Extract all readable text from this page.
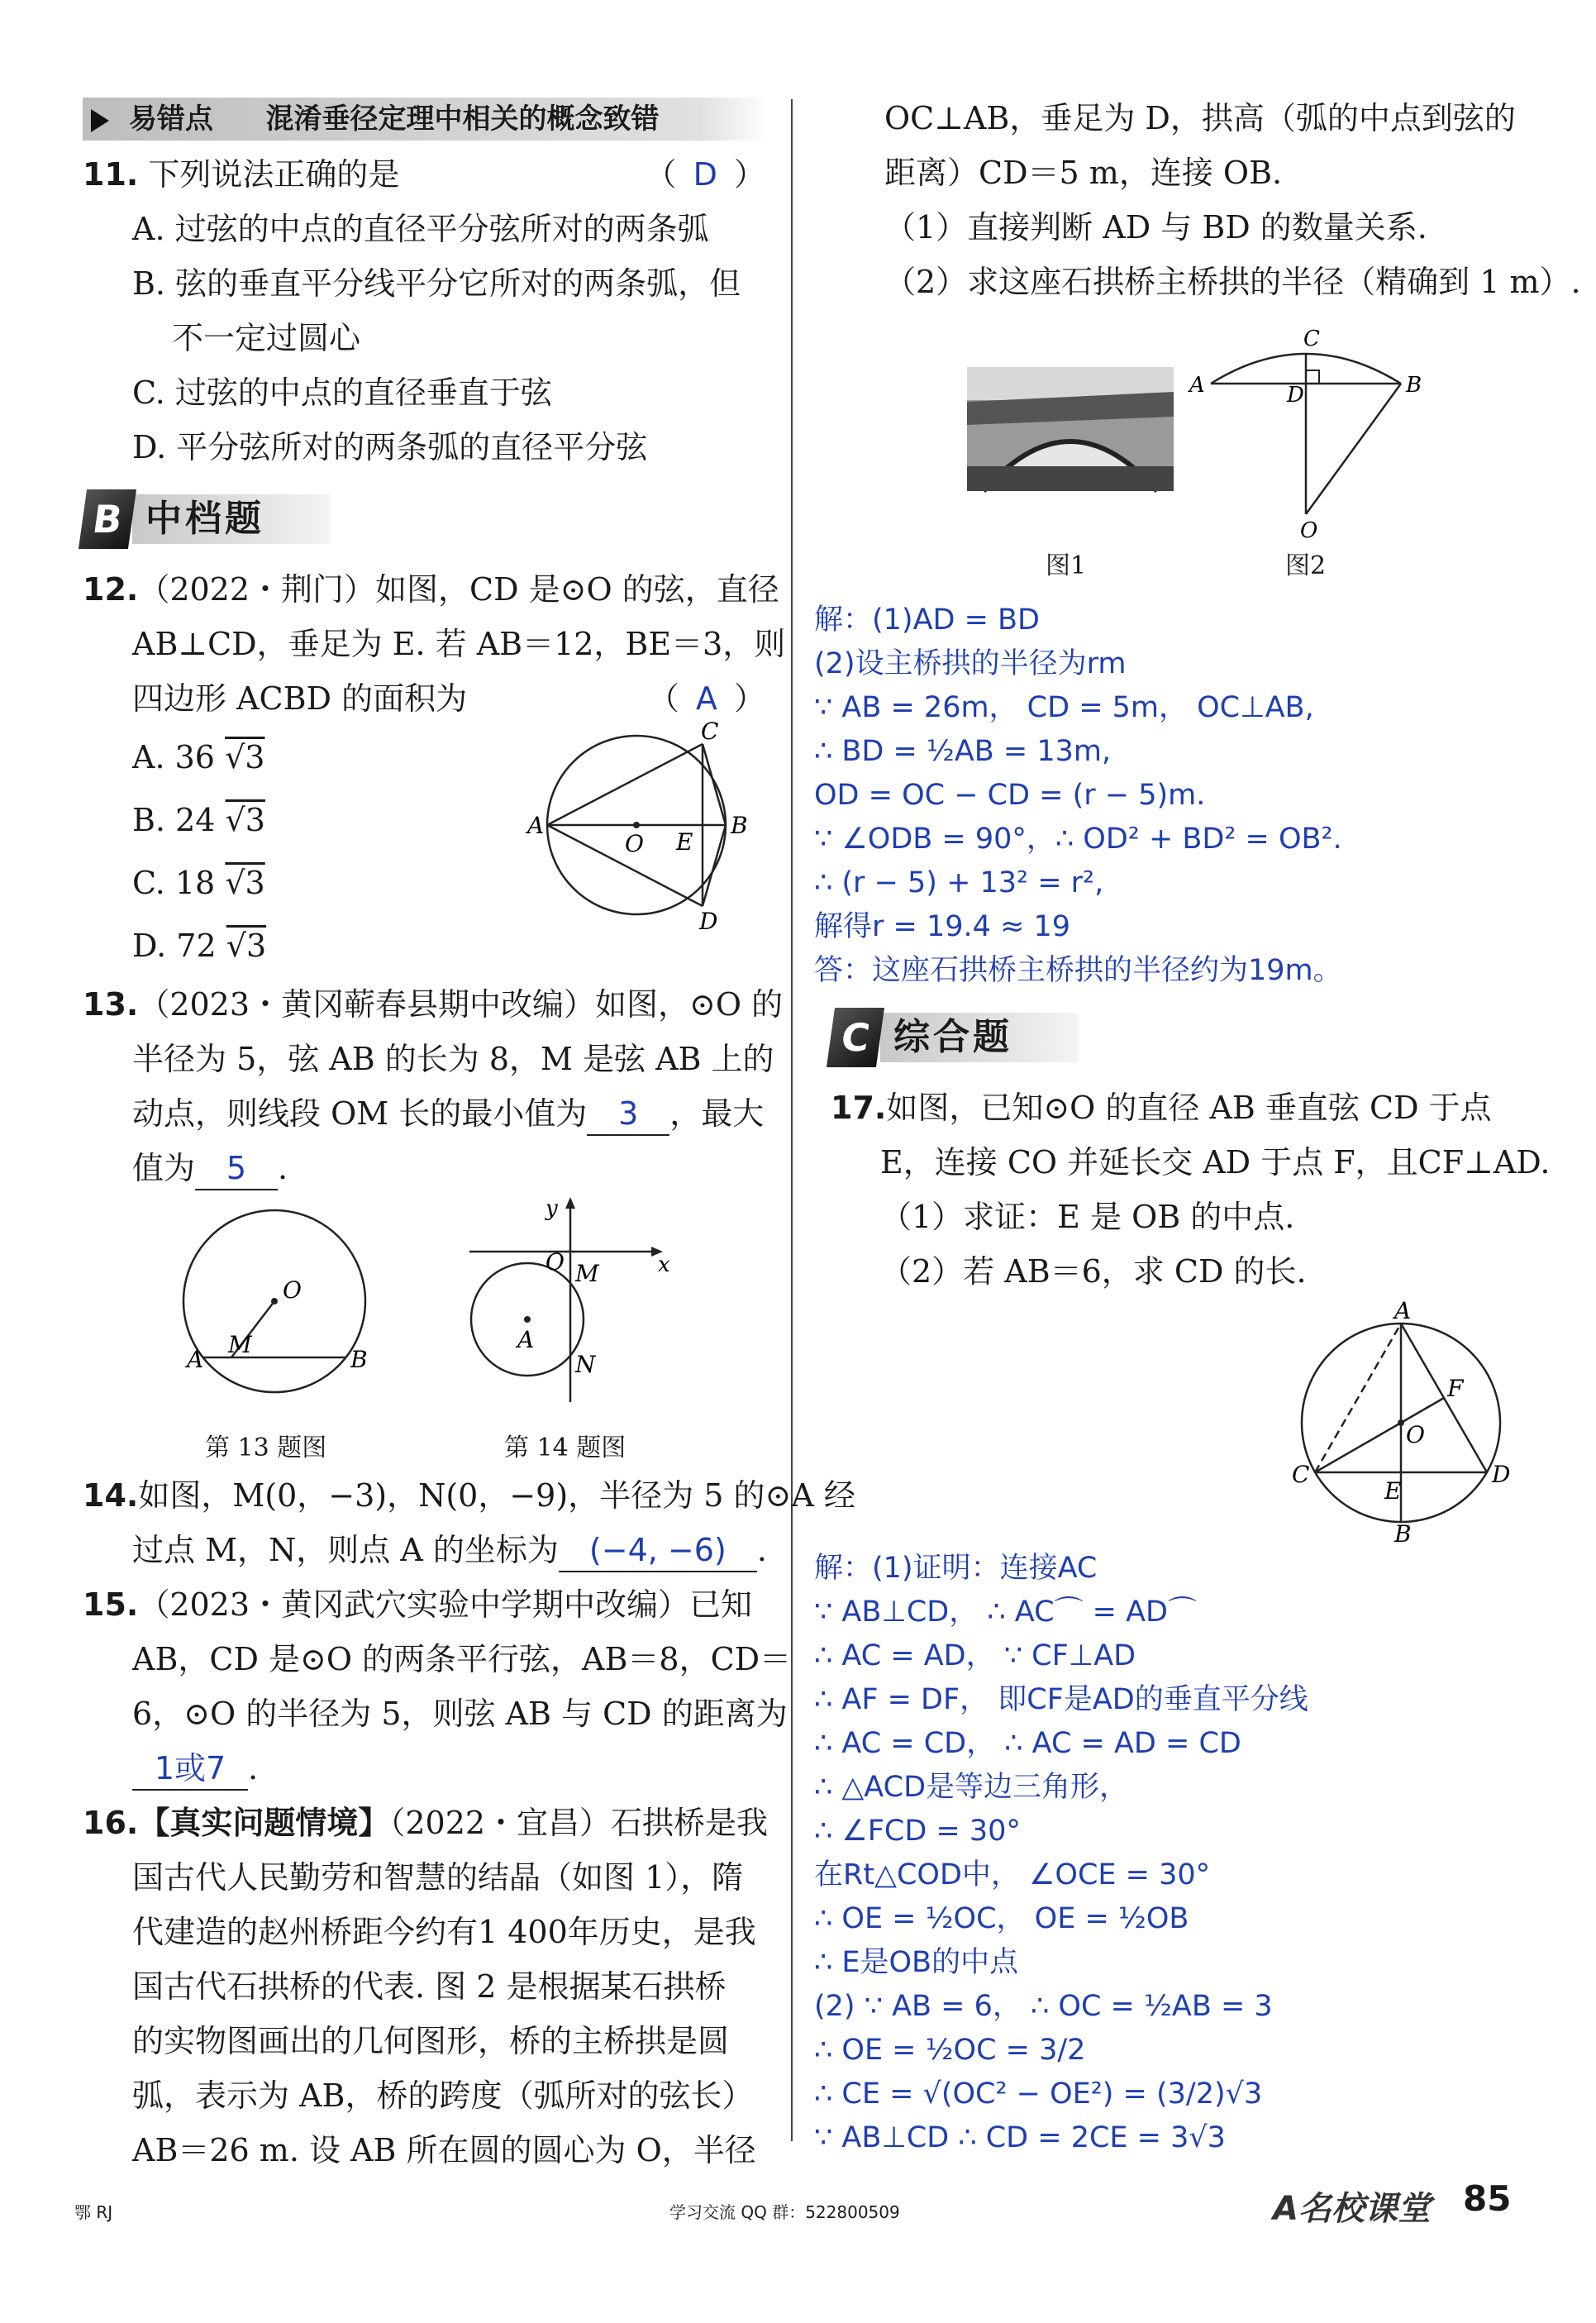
易错点 混淆垂径定理中相关的概念致错
11. 下列说法正确的是	（ D ）
A. 过弦的中点的直径平分弦所对的两条弧
B. 弦的垂直平分线平分它所对的两条弧，但
不一定过圆心
C. 过弦的中点的直径垂直于弦
D. 平分弦所对的两条弧的直径平分弦
B 中档题
12.（2022・荆门）如图，CD 是⊙O 的弦，直径
AB⊥CD，垂足为 E. 若 AB＝12，BE＝3，则
四边形 ACBD 的面积为	（ A ）
A. 36 √3
B. 24 √3
C. 18 √3
D. 72 √3
A	B
C
D
O E
13.（2023・黄冈蕲春县期中改编）如图，⊙O 的
半径为 5，弦 AB 的长为 8，M 是弦 AB 上的
动点，则线段 OM 长的最小值为 3 ，最大
值为 5 .
O
A	B
M
第 13 题图
x
y
O M
N
A
第 14 题图
14.如图，M(0，−3)，N(0，−9)，半径为 5 的⊙A 经
过点 M，N，则点 A 的坐标为 (−4, −6) .
15.（2023・黄冈武穴实验中学期中改编）已知
AB，CD 是⊙O 的两条平行弦，AB＝8，CD＝
6，⊙O 的半径为 5，则弦 AB 与 CD 的距离为
1或7 .
16.【真实问题情境】（2022・宜昌）石拱桥是我
国古代人民勤劳和智慧的结晶（如图 1），隋
代建造的赵州桥距今约有1 400年历史，是我
国古代石拱桥的代表. 图 2 是根据某石拱桥
的实物图画出的几何图形，桥的主桥拱是圆
弧，表示为 AB，桥的跨度（弧所对的弦长）
AB＝26 m. 设 AB 所在圆的圆心为 O，半径
OC⊥AB，垂足为 D，拱高（弧的中点到弦的
距离）CD＝5 m，连接 OB.
（1）直接判断 AD 与 BD 的数量关系.
（2）求这座石拱桥主桥拱的半径（精确到 1 m）.
C
A	B
D
O
图1	图2
解：(1)AD = BD
(2)设主桥拱的半径为rm
∵ AB = 26m， CD = 5m， OC⊥AB,
∴ BD = ½AB = 13m,
OD = OC − CD = (r − 5)m.
∵ ∠ODB = 90°，∴ OD² + BD² = OB².
∴ (r − 5) + 13² = r²,
解得r = 19.4 ≈ 19
答：这座石拱桥主桥拱的半径约为19m。
C 综合题
17.如图，已知⊙O 的直径 AB 垂直弦 CD 于点
E，连接 CO 并延长交 AD 于点 F，且CF⊥AD.
（1）求证：E 是 OB 的中点.
（2）若 AB＝6，求 CD 的长.
A
B
C	D
O
E
F
解：(1)证明：连接AC
∵ AB⊥CD， ∴ AC⌒ = AD⌒
∴ AC = AD， ∵ CF⊥AD
∴ AF = DF， 即CF是AD的垂直平分线
∴ AC = CD， ∴ AC = AD = CD
∴ △ACD是等边三角形，
∴ ∠FCD = 30°
在Rt△COD中， ∠OCE = 30°
∴ OE = ½OC， OE = ½OB
∴ E是OB的中点
(2) ∵ AB = 6， ∴ OC = ½AB = 3
∴ OE = ½OC = 3/2
∴ CE = √(OC² − OE²) = (3/2)√3
∵ AB⊥CD ∴ CD = 2CE = 3√3
鄂 RJ	学习交流 QQ 群：522800509	A名校课堂 85
